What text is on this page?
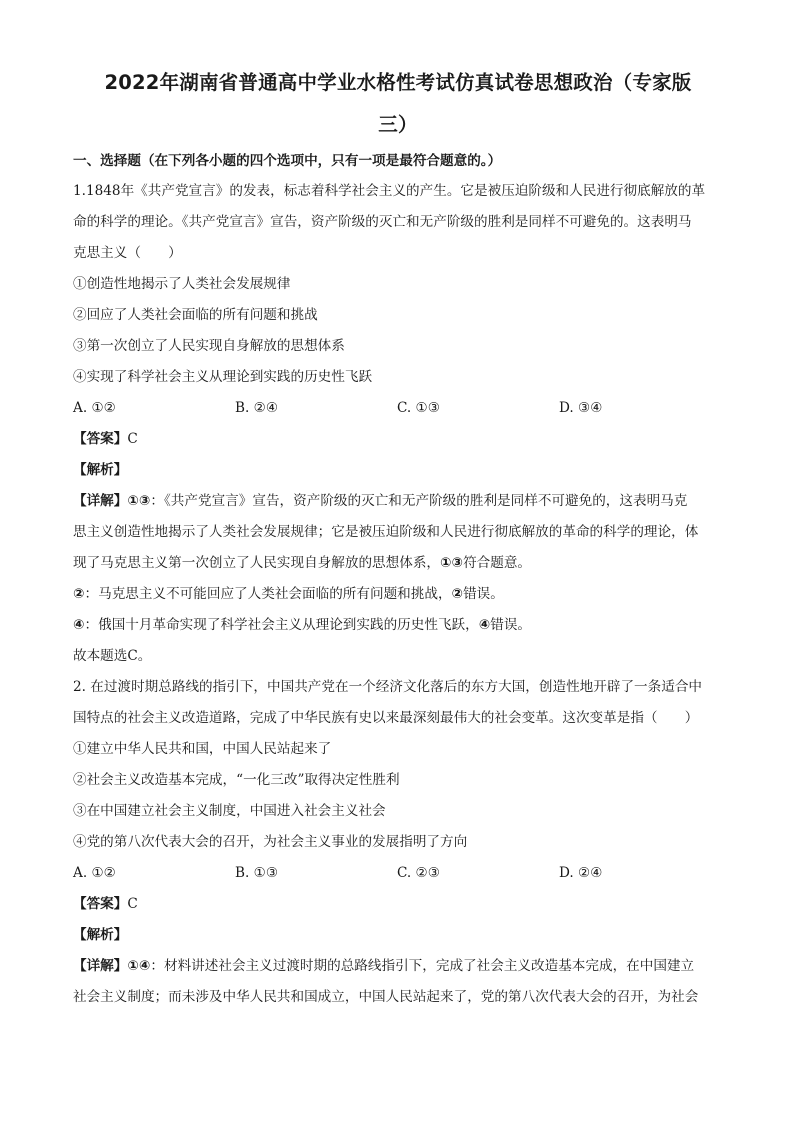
2022年湖南省普通高中学业水格性考试仿真试卷思想政治（专家版

三）

一、选择题（在下列各小题的四个选项中，只有一项是最符合题意的。）

1.1848年《共产党宣言》的发表，标志着科学社会主义的产生。它是被压迫阶级和人民进行彻底解放的革

命的科学的理论。《共产党宣言》宣告，资产阶级的灭亡和无产阶级的胜利是同样不可避免的。这表明马

克思主义（　　）

①创造性地揭示了人类社会发展规律

②回应了人类社会面临的所有问题和挑战

③第一次创立了人民实现自身解放的思想体系

④实现了科学社会主义从理论到实践的历史性飞跃

A. ①②	B. ②④	C. ①③	D. ③④

【答案】C

【解析】

【详解】①③：《共产党宣言》宣告，资产阶级的灭亡和无产阶级的胜利是同样不可避免的，这表明马克

思主义创造性地揭示了人类社会发展规律；它是被压迫阶级和人民进行彻底解放的革命的科学的理论，体

现了马克思主义第一次创立了人民实现自身解放的思想体系，①③符合题意。

②：马克思主义不可能回应了人类社会面临的所有问题和挑战，②错误。

④：俄国十月革命实现了科学社会主义从理论到实践的历史性飞跃，④错误。

故本题选C。

2. 在过渡时期总路线的指引下，中国共产党在一个经济文化落后的东方大国，创造性地开辟了一条适合中

国特点的社会主义改造道路，完成了中华民族有史以来最深刻最伟大的社会变革。这次变革是指（　　）

①建立中华人民共和国，中国人民站起来了

②社会主义改造基本完成，“一化三改”取得决定性胜利

③在中国建立社会主义制度，中国进入社会主义社会

④党的第八次代表大会的召开，为社会主义事业的发展指明了方向

A. ①②	B. ①③	C. ②③	D. ②④

【答案】C

【解析】

【详解】①④：材料讲述社会主义过渡时期的总路线指引下，完成了社会主义改造基本完成，在中国建立

社会主义制度；而未涉及中华人民共和国成立，中国人民站起来了，党的第八次代表大会的召开，为社会
